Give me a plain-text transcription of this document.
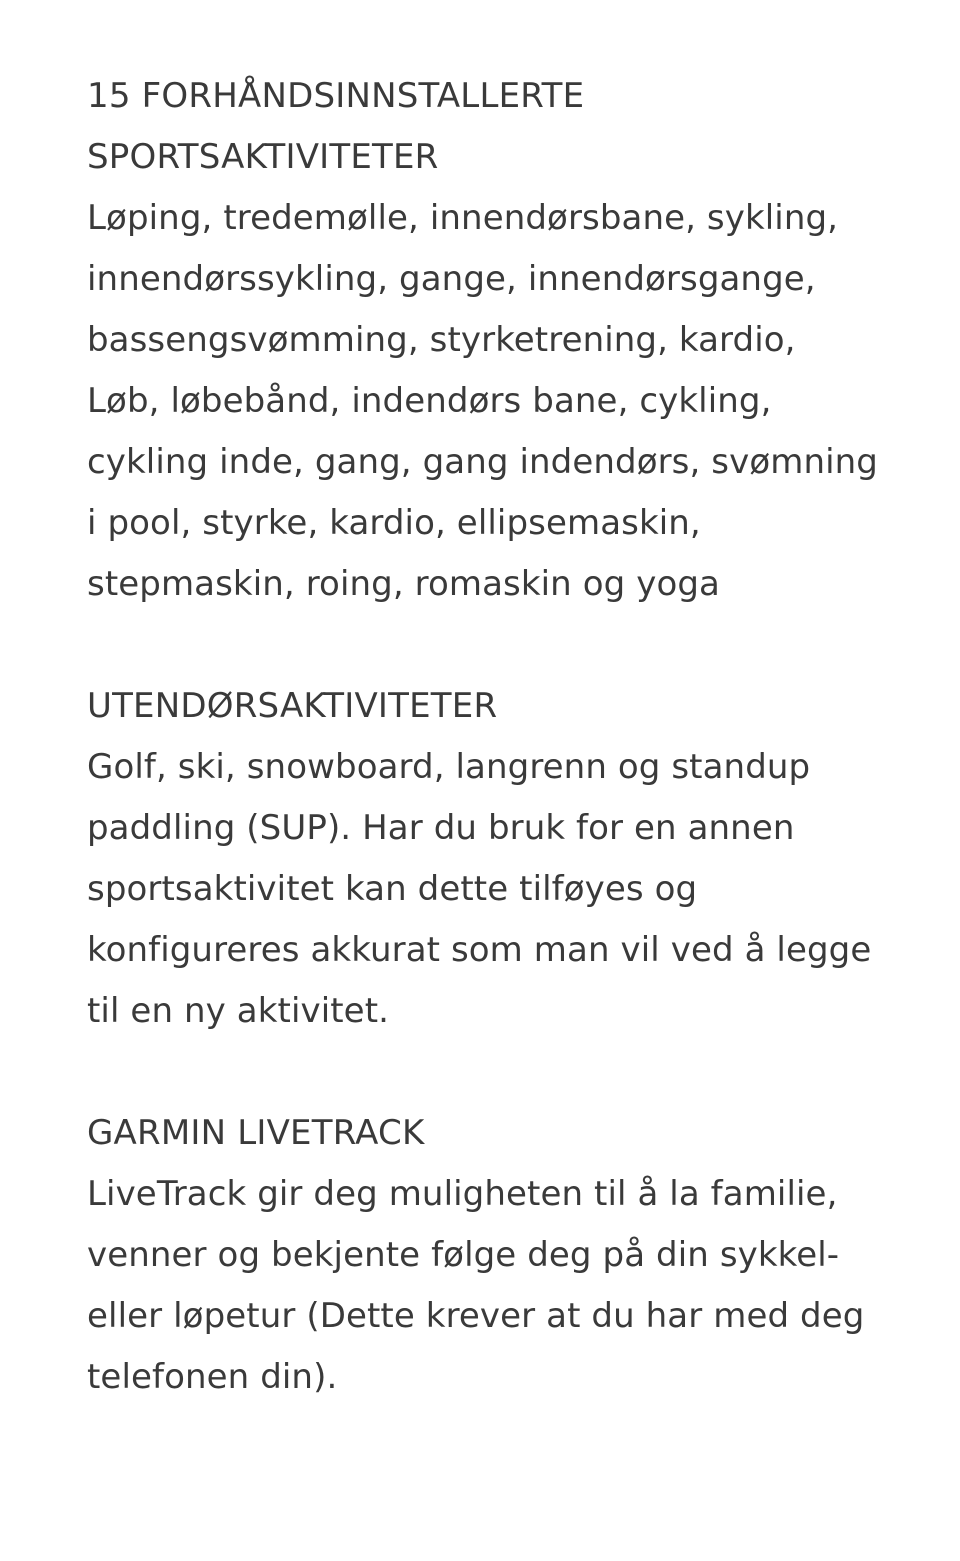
15 FORHÅNDSINNSTALLERTE
SPORTSAKTIVITETER

Løping, tredemølle, innendørsbane, sykling,
innendørssykling, gange, innendørsgange,
bassengsvømming, styrketrening, kardio,
Løb, løbebånd, indendørs bane, cykling,
cykling inde, gang, gang indendørs, svømning
i pool, styrke, kardio, ellipsemaskin,
stepmaskin, roing, romaskin og yoga

UTENDØRSAKTIVITETER

Golf, ski, snowboard, langrenn og standup
paddling (SUP). Har du bruk for en annen
sportsaktivitet kan dette tilføyes og
konfigureres akkurat som man vil ved å legge
til en ny aktivitet.

GARMIN LIVETRACK

LiveTrack gir deg muligheten til å la familie,
venner og bekjente følge deg på din sykkel-
eller løpetur (Dette krever at du har med deg
telefonen din).
